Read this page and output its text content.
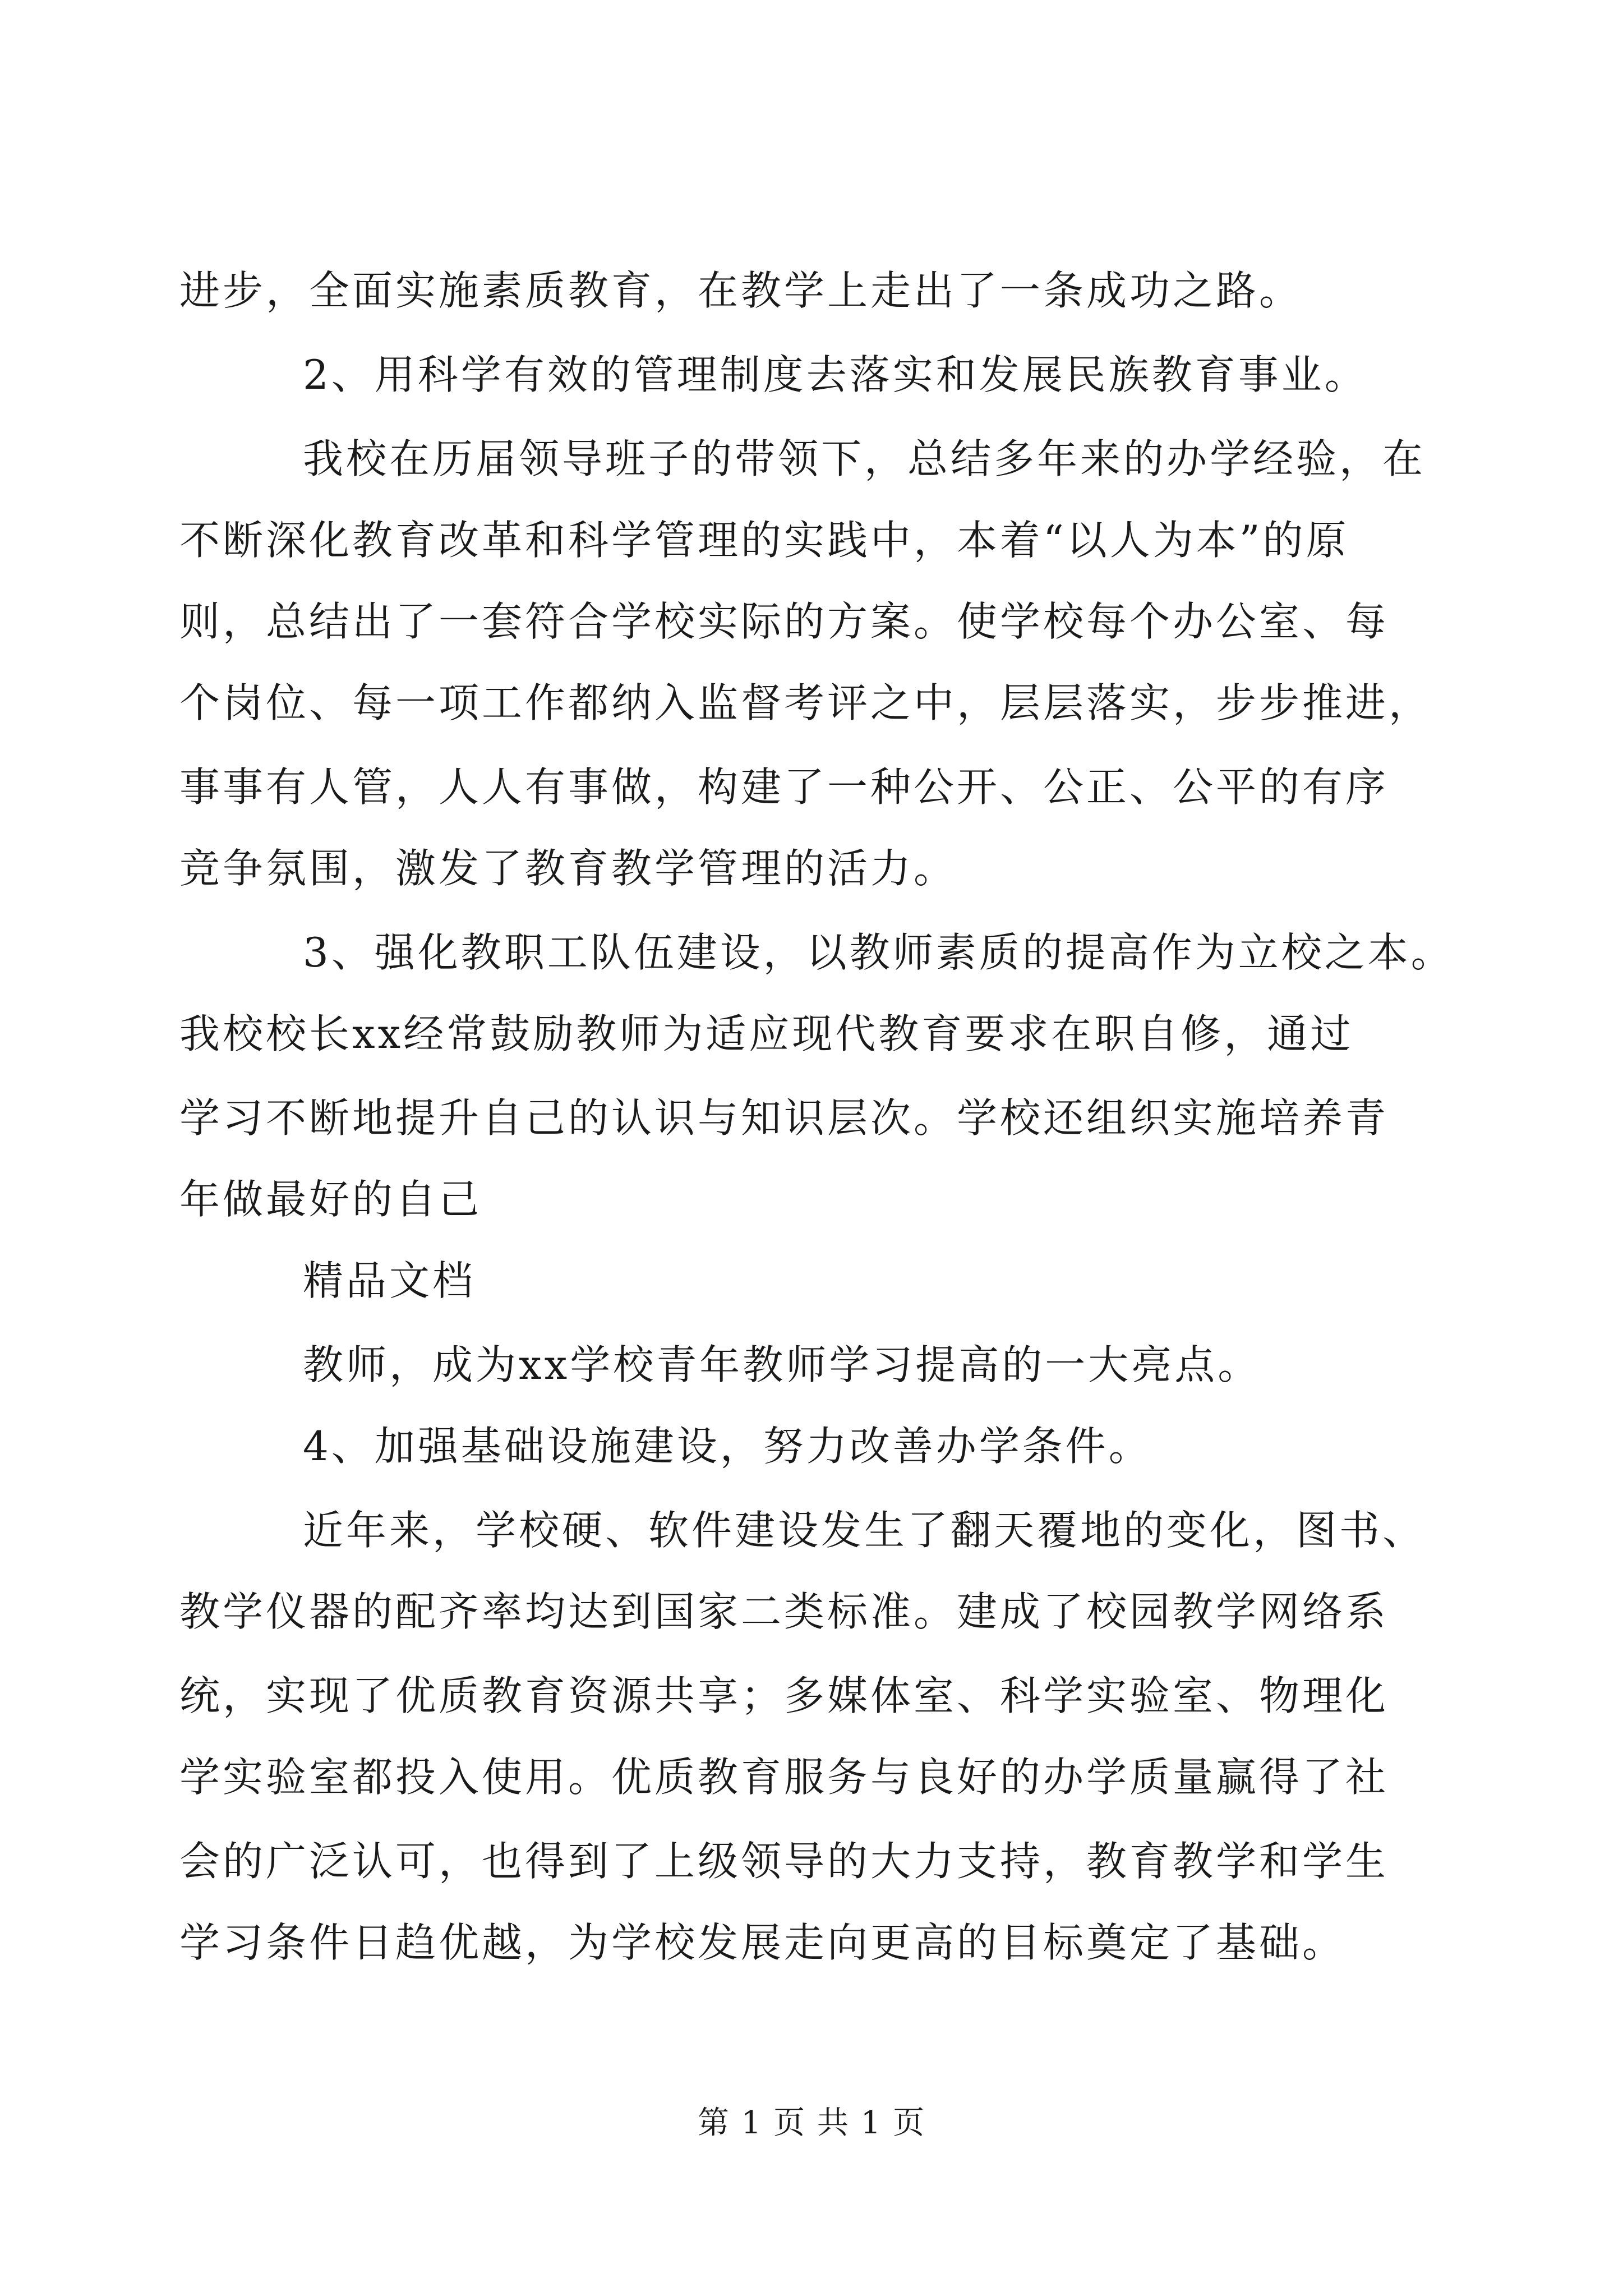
进步，全面实施素质教育，在教学上走出了一条成功之路。
2、用科学有效的管理制度去落实和发展民族教育事业。
我校在历届领导班子的带领下，总结多年来的办学经验，在
不断深化教育改革和科学管理的实践中，本着“以人为本”的原
则，总结出了一套符合学校实际的方案。使学校每个办公室、每
个岗位、每一项工作都纳入监督考评之中，层层落实，步步推进，
事事有人管，人人有事做，构建了一种公开、公正、公平的有序
竞争氛围，激发了教育教学管理的活力。
3、强化教职工队伍建设，以教师素质的提高作为立校之本。
我校校长xx经常鼓励教师为适应现代教育要求在职自修，通过
学习不断地提升自己的认识与知识层次。学校还组织实施培养青
年做最好的自己
精品文档
教师，成为xx学校青年教师学习提高的一大亮点。
4、加强基础设施建设，努力改善办学条件。
近年来，学校硬、软件建设发生了翻天覆地的变化，图书、
教学仪器的配齐率均达到国家二类标准。建成了校园教学网络系
统，实现了优质教育资源共享；多媒体室、科学实验室、物理化
学实验室都投入使用。优质教育服务与良好的办学质量赢得了社
会的广泛认可，也得到了上级领导的大力支持，教育教学和学生
学习条件日趋优越，为学校发展走向更高的目标奠定了基础。
第 1 页 共 1 页
